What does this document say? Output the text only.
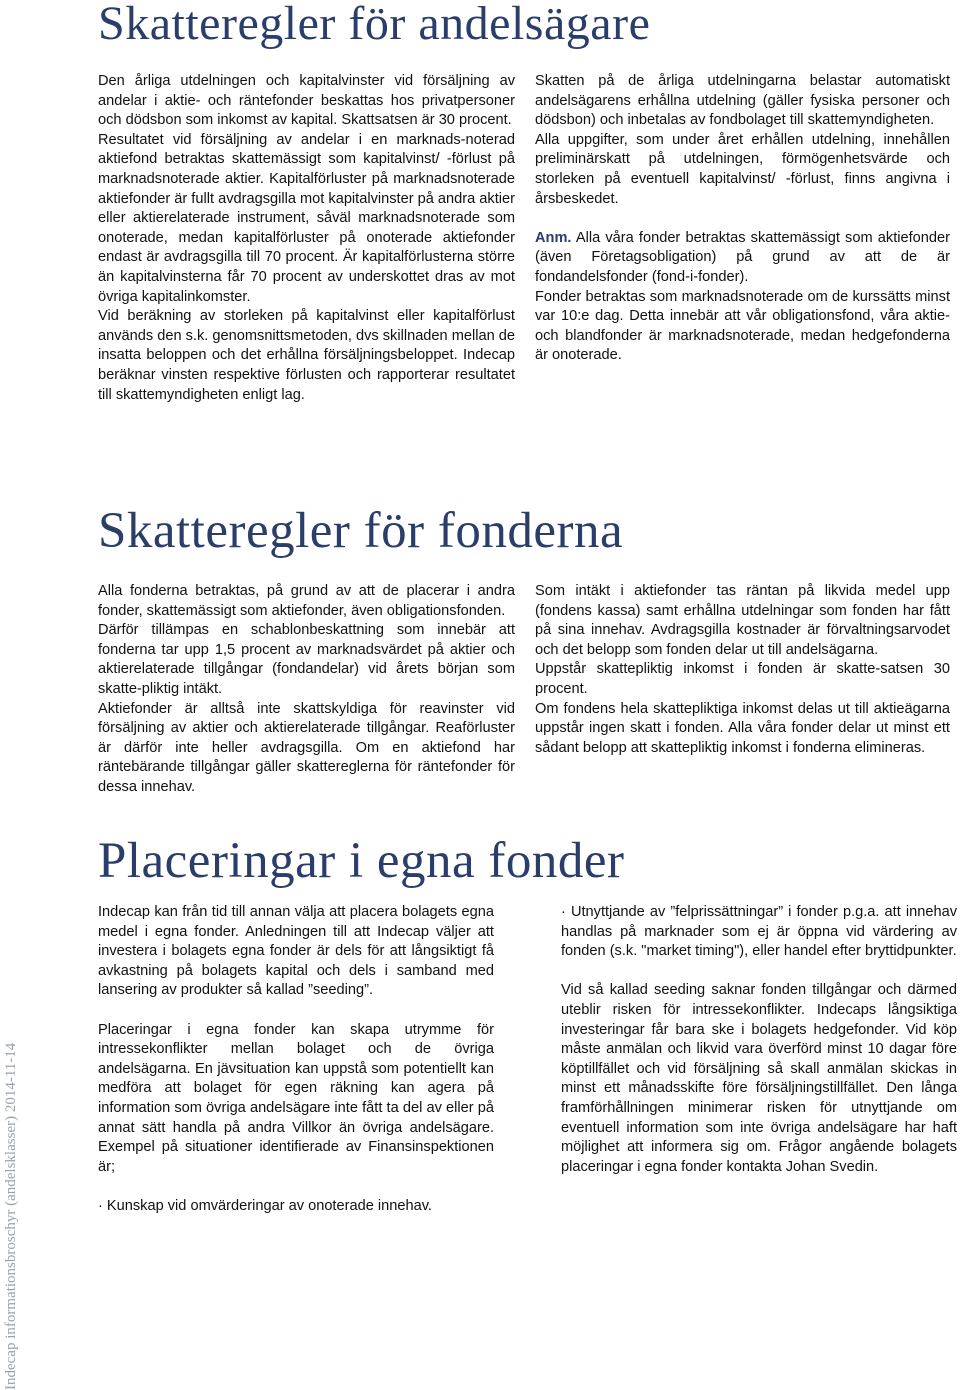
Indecap informationsbroschyr (andelsklasser) 2014-11-14
Skatteregler för andelsägare

Den årliga utdelningen och kapitalvinster vid försäljning av andelar i aktie- och räntefonder beskattas hos privatpersoner och dödsbon som inkomst av kapital. Skattsatsen är 30 procent.

Resultatet vid försäljning av andelar i en marknads-noterad aktiefond betraktas skattemässigt som kapitalvinst/ -förlust på marknadsnoterade aktier. Kapitalförluster på marknadsnoterade aktiefonder är fullt avdragsgilla mot kapitalvinster på andra aktier eller aktierelaterade instrument, såväl marknadsnoterade som onoterade, medan kapitalförluster på onoterade aktiefonder endast är avdragsgilla till 70 procent. Är kapitalförlusterna större än kapitalvinsterna får 70 procent av underskottet dras av mot övriga kapitalinkomster.

Vid beräkning av storleken på kapitalvinst eller kapitalförlust används den s.k. genomsnittsmetoden, dvs skillnaden mellan de insatta beloppen och det erhållna försäljningsbeloppet. Indecap beräknar vinsten respektive förlusten och rapporterar resultatet till skattemyndigheten enligt lag.

Skatten på de årliga utdelningarna belastar automatiskt andelsägarens erhållna utdelning (gäller fysiska personer och dödsbon) och inbetalas av fondbolaget till skattemyndigheten.

Alla uppgifter, som under året erhållen utdelning, innehållen preliminärskatt på utdelningen, förmögenhetsvärde och storleken på eventuell kapitalvinst/ -förlust, finns angivna i årsbeskedet.

Anm. Alla våra fonder betraktas skattemässigt som aktiefonder (även Företagsobligation) på grund av att de är fondandelsfonder (fond-i-fonder).

Fonder betraktas som marknadsnoterade om de kurssätts minst var 10:e dag. Detta innebär att vår obligationsfond, våra aktie- och blandfonder är marknadsnoterade, medan hedgefonderna är onoterade.

Skatteregler för fonderna

Alla fonderna betraktas, på grund av att de placerar i andra fonder, skattemässigt som aktiefonder, även obligationsfonden.

Därför tillämpas en schablonbeskattning som innebär att fonderna tar upp 1,5 procent av marknadsvärdet på aktier och aktierelaterade tillgångar (fondandelar) vid årets början som skatte-pliktig intäkt.

Aktiefonder är alltså inte skattskyldiga för reavinster vid försäljning av aktier och aktierelaterade tillgångar. Reaförluster är därför inte heller avdragsgilla. Om en aktiefond har räntebärande tillgångar gäller skattereglerna för räntefonder för dessa innehav.

Som intäkt i aktiefonder tas räntan på likvida medel upp (fondens kassa) samt erhållna utdelningar som fonden har fått på sina innehav. Avdragsgilla kostnader är förvaltningsarvodet och det belopp som fonden delar ut till andelsägarna.

Uppstår skattepliktig inkomst i fonden är skatte-satsen 30 procent.

Om fondens hela skattepliktiga inkomst delas ut till aktieägarna uppstår ingen skatt i fonden. Alla våra fonder delar ut minst ett sådant belopp att skattepliktig inkomst i fonderna elimineras.

Placeringar i egna fonder

Indecap kan från tid till annan välja att placera bolagets egna medel i egna fonder. Anledningen till att Indecap väljer att investera i bolagets egna fonder är dels för att långsiktigt få avkastning på bolagets kapital och dels i samband med lansering av produkter så kallad ”seeding”.

Placeringar i egna fonder kan skapa utrymme för intressekonflikter mellan bolaget och de övriga andelsägarna. En jävsituation kan uppstå som potentiellt kan medföra att bolaget för egen räkning kan agera på information som övriga andelsägare inte fått ta del av eller på annat sätt handla på andra Villkor än övriga andelsägare. Exempel på situationer identifierade av Finansinspektionen är;

· Kunskap vid omvärderingar av onoterade innehav.

· Utnyttjande av ”felprissättningar” i fonder p.g.a. att innehav handlas på marknader som ej är öppna vid värdering av fonden (s.k. "market timing"), eller handel efter bryttidpunkter.

Vid så kallad seeding saknar fonden tillgångar och därmed uteblir risken för intressekonflikter. Indecaps långsiktiga investeringar får bara ske i bolagets hedgefonder. Vid köp måste anmälan och likvid vara överförd minst 10 dagar före köptillfället och vid försäljning så skall anmälan skickas in minst ett månadsskifte före försäljningstillfället. Den långa framförhållningen minimerar risken för utnyttjande om eventuell information som inte övriga andelsägare har haft möjlighet att informera sig om. Frågor angående bolagets placeringar i egna fonder kontakta Johan Svedin.
